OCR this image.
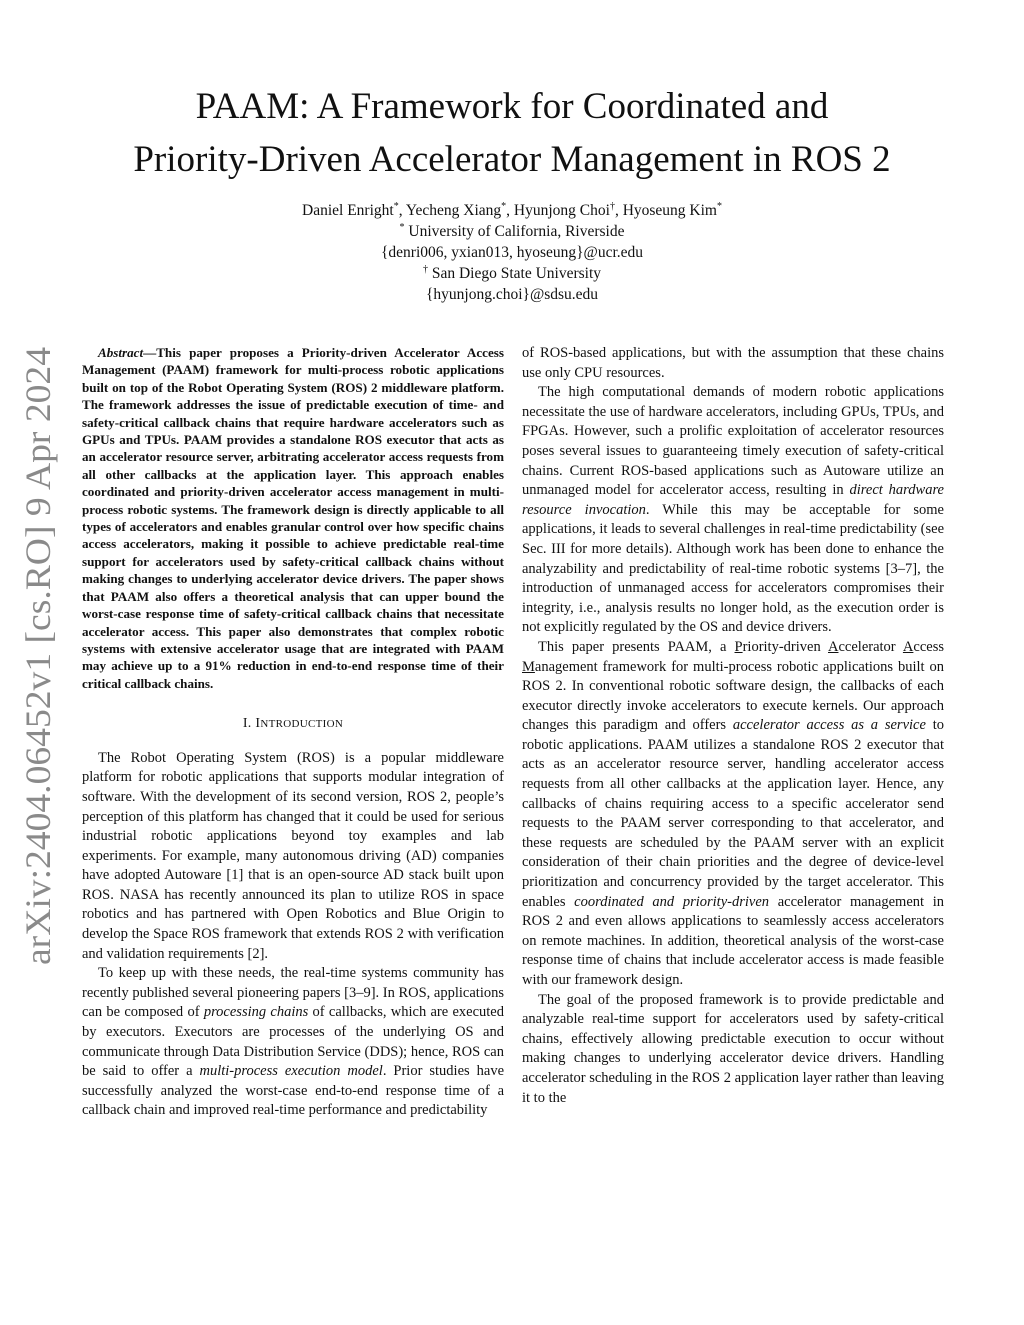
arXiv:2404.06452v1 [cs.RO] 9 Apr 2024
PAAM: A Framework for Coordinated and
Priority-Driven Accelerator Management in ROS 2
Daniel Enright*, Yecheng Xiang*, Hyunjong Choi†, Hyoseung Kim*
* University of California, Riverside
{denri006, yxian013, hyoseung}@ucr.edu
† San Diego State University
{hyunjong.choi}@sdsu.edu

Abstract—This paper proposes a Priority-driven Accelerator Access Management (PAAM) framework for multi-process robotic applications built on top of the Robot Operating System (ROS) 2 middleware platform. The framework addresses the issue of predictable execution of time- and safety-critical callback chains that require hardware accelerators such as GPUs and TPUs. PAAM provides a standalone ROS executor that acts as an accelerator resource server, arbitrating accelerator access requests from all other callbacks at the application layer. This approach enables coordinated and priority-driven accelerator access management in multi-process robotic systems. The framework design is directly applicable to all types of accelerators and enables granular control over how specific chains access accelerators, making it possible to achieve predictable real-time support for accelerators used by safety-critical callback chains without making changes to underlying accelerator device drivers. The paper shows that PAAM also offers a theoretical analysis that can upper bound the worst-case response time of safety-critical callback chains that necessitate accelerator access. This paper also demonstrates that complex robotic systems with extensive accelerator usage that are integrated with PAAM may achieve up to a 91% reduction in end-to-end response time of their critical callback chains.

I. INTRODUCTION

The Robot Operating System (ROS) is a popular middleware platform for robotic applications that supports modular integration of software. With the development of its second version, ROS 2, people’s perception of this platform has changed that it could be used for serious industrial robotic applications beyond toy examples and lab experiments. For example, many autonomous driving (AD) companies have adopted Autoware [1] that is an open-source AD stack built upon ROS. NASA has recently announced its plan to utilize ROS in space robotics and has partnered with Open Robotics and Blue Origin to develop the Space ROS framework that extends ROS 2 with verification and validation requirements [2].

To keep up with these needs, the real-time systems community has recently published several pioneering papers [3–9]. In ROS, applications can be composed of processing chains of callbacks, which are executed by executors. Executors are processes of the underlying OS and communicate through Data Distribution Service (DDS); hence, ROS can be said to offer a multi-process execution model. Prior studies have successfully analyzed the worst-case end-to-end response time of a callback chain and improved real-time performance and predictability

of ROS-based applications, but with the assumption that these chains use only CPU resources.

The high computational demands of modern robotic applications necessitate the use of hardware accelerators, including GPUs, TPUs, and FPGAs. However, such a prolific exploitation of accelerator resources poses several issues to guaranteeing timely execution of safety-critical chains. Current ROS-based applications such as Autoware utilize an unmanaged model for accelerator access, resulting in direct hardware resource invocation. While this may be acceptable for some applications, it leads to several challenges in real-time predictability (see Sec. III for more details). Although work has been done to enhance the analyzability and predictability of real-time robotic systems [3–7], the introduction of unmanaged access for accelerators compromises their integrity, i.e., analysis results no longer hold, as the execution order is not explicitly regulated by the OS and device drivers.

This paper presents PAAM, a Priority-driven Accelerator Access Management framework for multi-process robotic applications built on ROS 2. In conventional robotic software design, the callbacks of each executor directly invoke accelerators to execute kernels. Our approach changes this paradigm and offers accelerator access as a service to robotic applications. PAAM utilizes a standalone ROS 2 executor that acts as an accelerator resource server, handling accelerator access requests from all other callbacks at the application layer. Hence, any callbacks of chains requiring access to a specific accelerator send requests to the PAAM server corresponding to that accelerator, and these requests are scheduled by the PAAM server with an explicit consideration of their chain priorities and the degree of device-level prioritization and concurrency provided by the target accelerator. This enables coordinated and priority-driven accelerator management in ROS 2 and even allows applications to seamlessly access accelerators on remote machines. In addition, theoretical analysis of the worst-case response time of chains that include accelerator access is made feasible with our framework design.

The goal of the proposed framework is to provide predictable and analyzable real-time support for accelerators used by safety-critical chains, effectively allowing predictable execution to occur without making changes to underlying accelerator device drivers. Handling accelerator scheduling in the ROS 2 application layer rather than leaving it to the
